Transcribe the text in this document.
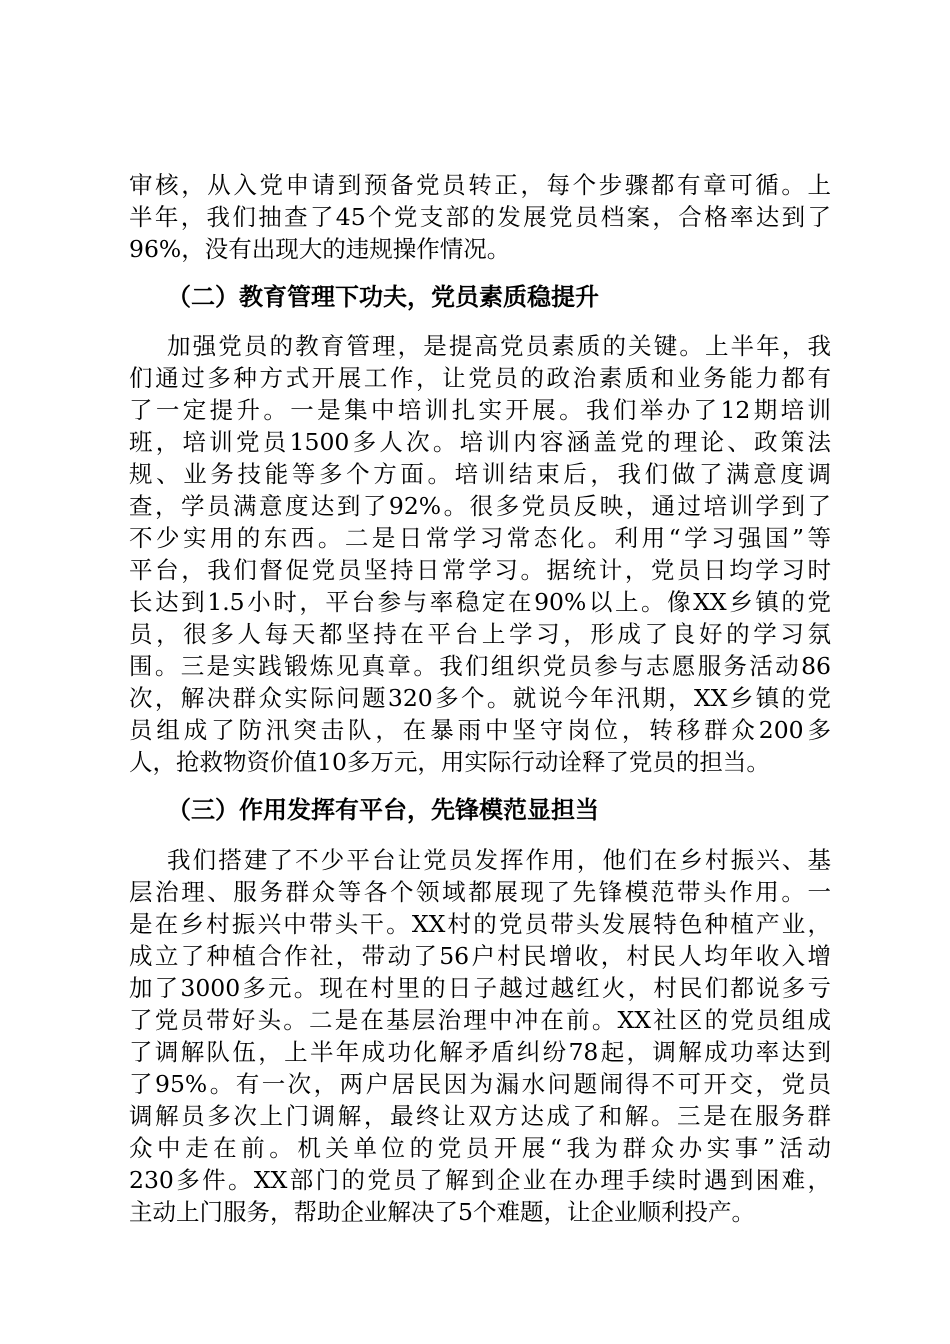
审核，从入党申请到预备党员转正，每个步骤都有章可循。上
半年，我们抽查了45个党支部的发展党员档案，合格率达到了
96%，没有出现大的违规操作情况。
（二）教育管理下功夫，党员素质稳提升
加强党员的教育管理，是提高党员素质的关键。上半年，我
们通过多种方式开展工作，让党员的政治素质和业务能力都有
了一定提升。一是集中培训扎实开展。我们举办了12期培训
班，培训党员1500多人次。培训内容涵盖党的理论、政策法
规、业务技能等多个方面。培训结束后，我们做了满意度调
查，学员满意度达到了92%。很多党员反映，通过培训学到了
不少实用的东西。二是日常学习常态化。利用“学习强国”等
平台，我们督促党员坚持日常学习。据统计，党员日均学习时
长达到1.5小时，平台参与率稳定在90%以上。像XX乡镇的党
员，很多人每天都坚持在平台上学习，形成了良好的学习氛
围。三是实践锻炼见真章。我们组织党员参与志愿服务活动86
次，解决群众实际问题320多个。就说今年汛期，XX乡镇的党
员组成了防汛突击队，在暴雨中坚守岗位，转移群众200多
人，抢救物资价值10多万元，用实际行动诠释了党员的担当。
（三）作用发挥有平台，先锋模范显担当
我们搭建了不少平台让党员发挥作用，他们在乡村振兴、基
层治理、服务群众等各个领域都展现了先锋模范带头作用。一
是在乡村振兴中带头干。XX村的党员带头发展特色种植产业，
成立了种植合作社，带动了56户村民增收，村民人均年收入增
加了3000多元。现在村里的日子越过越红火，村民们都说多亏
了党员带好头。二是在基层治理中冲在前。XX社区的党员组成
了调解队伍，上半年成功化解矛盾纠纷78起，调解成功率达到
了95%。有一次，两户居民因为漏水问题闹得不可开交，党员
调解员多次上门调解，最终让双方达成了和解。三是在服务群
众中走在前。机关单位的党员开展“我为群众办实事”活动
230多件。XX部门的党员了解到企业在办理手续时遇到困难，
主动上门服务，帮助企业解决了5个难题，让企业顺利投产。
